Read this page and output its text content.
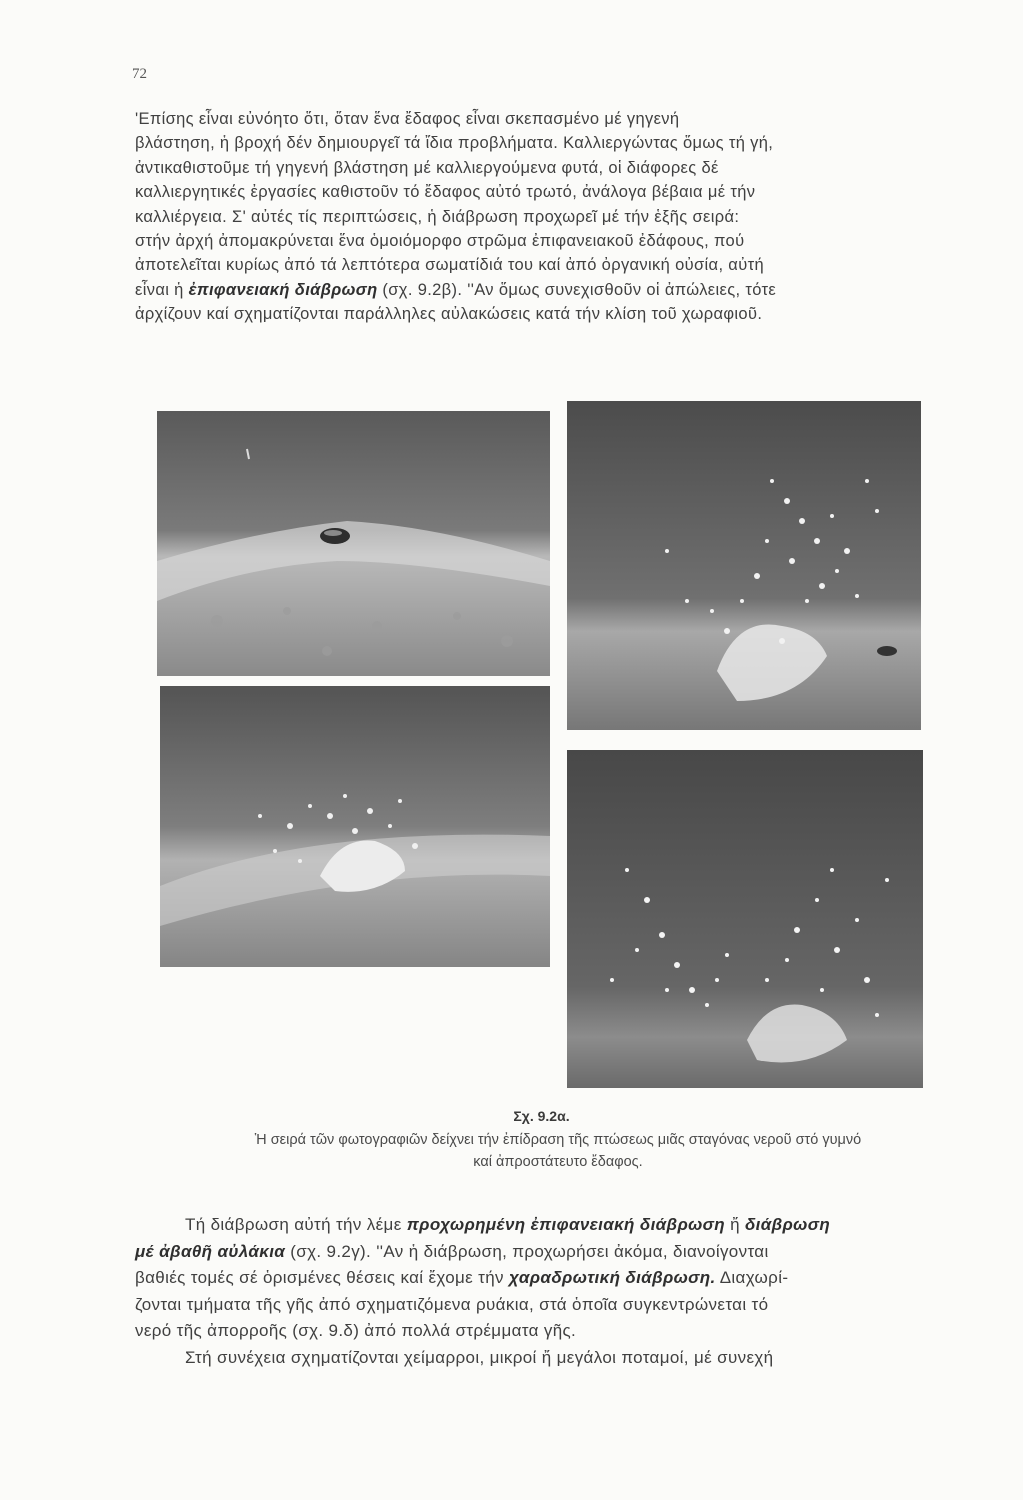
72
'Επίσης εἶναι εὐνόητο ὅτι, ὅταν ἕνα ἔδαφος εἶναι σκεπασμένο μέ γηγενή
βλάστηση, ἡ βροχή δέν δημιουργεῖ τά ἴδια προβλήματα. Καλλιεργώντας ὅμως τή γή,
ἀντικαθιστοῦμε τή γηγενή βλάστηση μέ καλλιεργούμενα φυτά, οἱ διάφορες δέ
καλλιεργητικές ἐργασίες καθιστοῦν τό ἔδαφος αὐτό τρωτό, ἀνάλογα βέβαια μέ τήν
καλλιέργεια. Σ' αὐτές τίς περιπτώσεις, ἡ διάβρωση προχωρεῖ μέ τήν ἑξῆς σειρά:
στήν ἀρχή ἀπομακρύνεται ἕνα ὁμοιόμορφο στρῶμα ἐπιφανειακοῦ ἐδάφους, πού
ἀποτελεῖται κυρίως ἀπό τά λεπτότερα σωματίδιά του καί ἀπό ὀργανική οὐσία, αὐτή
εἶναι ἡ ἐπιφανειακή διάβρωση (σχ. 9.2β). ''Αν ὅμως συνεχισθοῦν οἱ ἀπώλειες, τότε
ἀρχίζουν καί σχηματίζονται παράλληλες αὐλακώσεις κατά τήν κλίση τοῦ χωραφιοῦ.
Σχ. 9.2α.
Ἡ σειρά τῶν φωτογραφιῶν δείχνει τήν ἐπίδραση τῆς πτώσεως μιᾶς σταγόνας νεροῦ στό γυμνό
καί ἀπροστάτευτο ἔδαφος.
Τή διάβρωση αὐτή τήν λέμε προχωρημένη ἐπιφανειακή διάβρωση ἤ διάβρωση
μέ ἀβαθῆ αὐλάκια (σχ. 9.2γ). ''Αν ἡ διάβρωση, προχωρήσει ἀκόμα, διανοίγονται
βαθιές τομές σέ ὁρισμένες θέσεις καί ἔχομε τήν χαραδρωτική διάβρωση. Διαχωρί-
ζονται τμήματα τῆς γῆς ἀπό σχηματιζόμενα ρυάκια, στά ὁποῖα συγκεντρώνεται τό
νερό τῆς ἀπορροῆς (σχ. 9.δ) ἀπό πολλά στρέμματα γῆς.
Στή συνέχεια σχηματίζονται χείμαρροι, μικροί ἤ μεγάλοι ποταμοί, μέ συνεχή
